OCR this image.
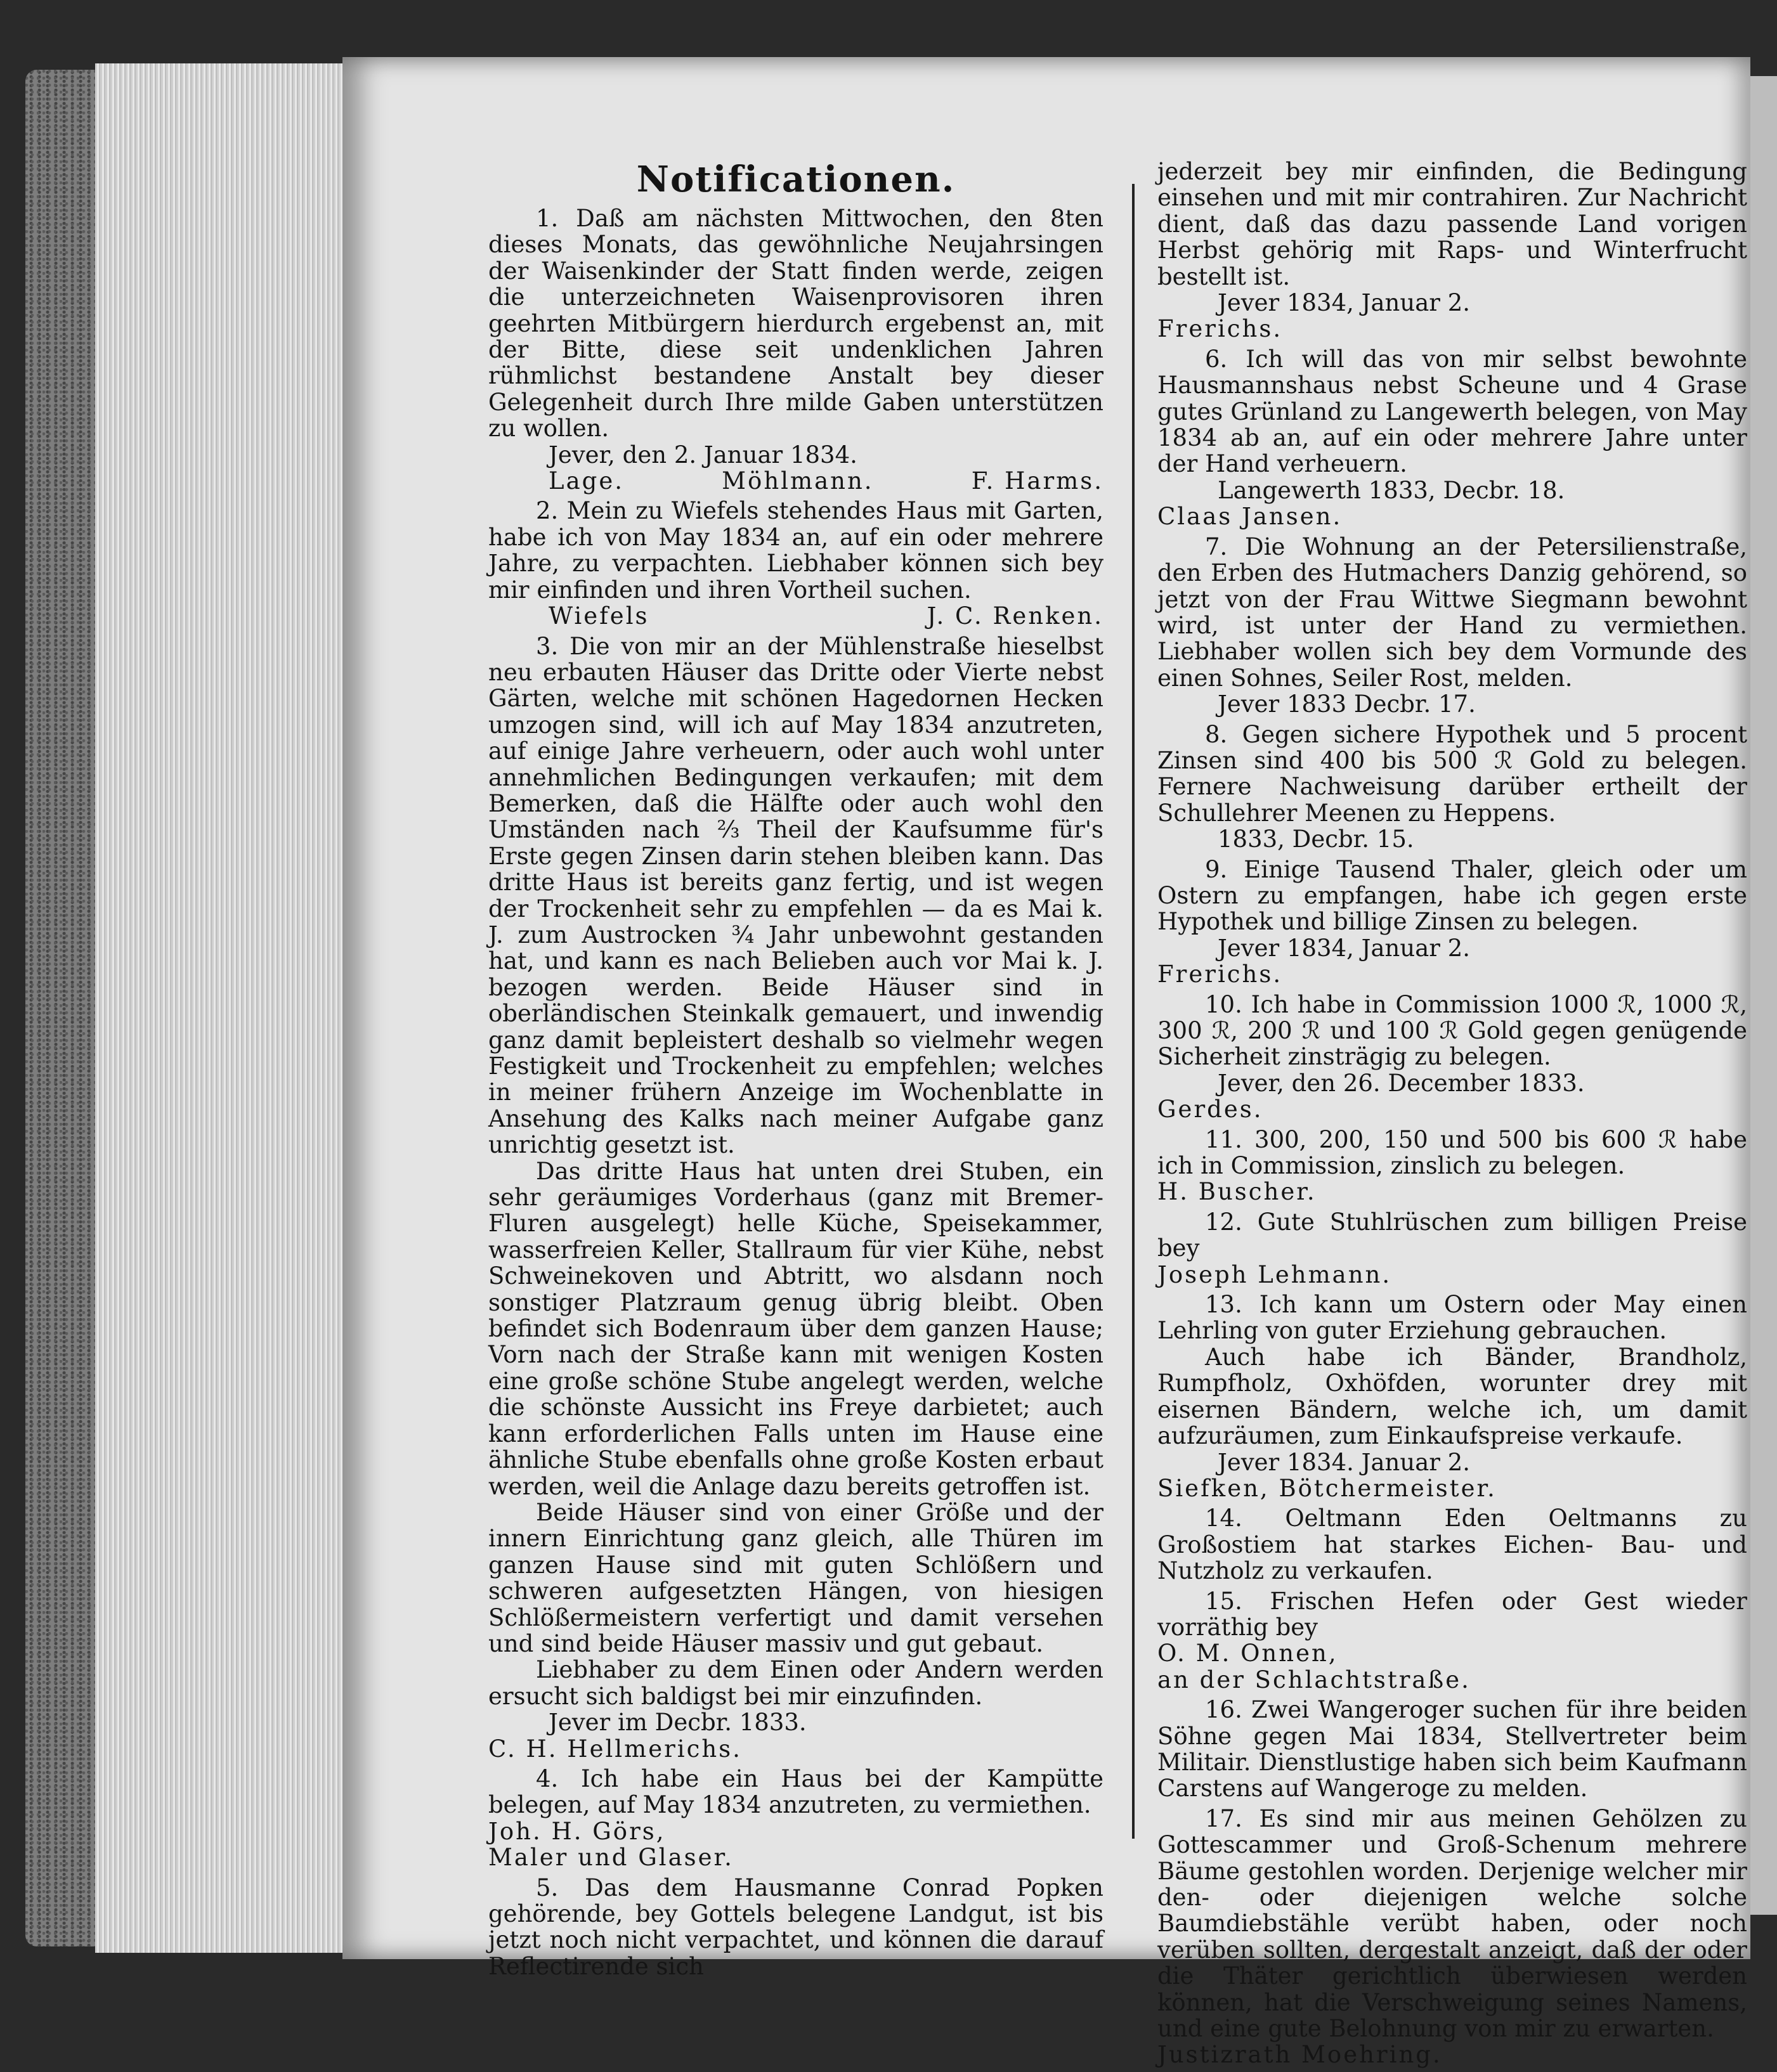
Notificationen.

1. Daß am nächsten Mittwochen, den 8ten dieses Monats, das gewöhnliche Neujahrsingen der Waisenkinder der Statt finden werde, zeigen die unterzeichneten Waisenprovisoren ihren geehrten Mitbürgern hierdurch ergebenst an, mit der Bitte, diese seit undenklichen Jahren rühmlichst bestandene Anstalt bey dieser Gelegenheit durch Ihre milde Gaben unterstützen zu wollen.

Jever, den 2. Januar 1834.

Lage.	Möhlmann.	F. Harms.

2. Mein zu Wiefels stehendes Haus mit Garten, habe ich von May 1834 an, auf ein oder mehrere Jahre, zu verpachten. Liebhaber können sich bey mir einfinden und ihren Vortheil suchen.

Wiefels	J. C. Renken.

3. Die von mir an der Mühlenstraße hieselbst neu erbauten Häuser das Dritte oder Vierte nebst Gärten, welche mit schönen Hagedornen Hecken umzogen sind, will ich auf May 1834 anzutreten, auf einige Jahre verheuern, oder auch wohl unter annehmlichen Bedingungen verkaufen; mit dem Bemerken, daß die Hälfte oder auch wohl den Umständen nach ⅔ Theil der Kaufsumme für's Erste gegen Zinsen darin stehen bleiben kann. Das dritte Haus ist bereits ganz fertig, und ist wegen der Trockenheit sehr zu empfehlen — da es Mai k. J. zum Austrocken ¾ Jahr unbewohnt gestanden hat, und kann es nach Belieben auch vor Mai k. J. bezogen werden. Beide Häuser sind in oberländischen Steinkalk gemauert, und inwendig ganz damit bepleistert deshalb so vielmehr wegen Festigkeit und Trockenheit zu empfehlen; welches in meiner frühern Anzeige im Wochenblatte in Ansehung des Kalks nach meiner Aufgabe ganz unrichtig gesetzt ist.

Das dritte Haus hat unten drei Stuben, ein sehr geräumiges Vorderhaus (ganz mit Bremer-Fluren ausgelegt) helle Küche, Speisekammer, wasserfreien Keller, Stallraum für vier Kühe, nebst Schweinekoven und Abtritt, wo alsdann noch sonstiger Platzraum genug übrig bleibt. Oben befindet sich Bodenraum über dem ganzen Hause; Vorn nach der Straße kann mit wenigen Kosten eine große schöne Stube angelegt werden, welche die schönste Aussicht ins Freye darbietet; auch kann erforderlichen Falls unten im Hause eine ähnliche Stube ebenfalls ohne große Kosten erbaut werden, weil die Anlage dazu bereits getroffen ist.

Beide Häuser sind von einer Größe und der innern Einrichtung ganz gleich, alle Thüren im ganzen Hause sind mit guten Schlößern und schweren aufgesetzten Hängen, von hiesigen Schlößermeistern verfertigt und damit versehen und sind beide Häuser massiv und gut gebaut.

Liebhaber zu dem Einen oder Andern werden ersucht sich baldigst bei mir einzufinden.

Jever im Decbr. 1833.

C. H. Hellmerichs.

4. Ich habe ein Haus bei der Kampütte belegen, auf May 1834 anzutreten, zu vermiethen.

Joh. H. Görs,

Maler und Glaser.

5. Das dem Hausmanne Conrad Popken gehörende, bey Gottels belegene Landgut, ist bis jetzt noch nicht verpachtet, und können die darauf Reflectirende sich

jederzeit bey mir einfinden, die Bedingung einsehen und mit mir contrahiren. Zur Nachricht dient, daß das dazu passende Land vorigen Herbst gehörig mit Raps- und Winterfrucht bestellt ist.

Jever 1834, Januar 2.

Frerichs.

6. Ich will das von mir selbst bewohnte Hausmannshaus nebst Scheune und 4 Grase gutes Grünland zu Langewerth belegen, von May 1834 ab an, auf ein oder mehrere Jahre unter der Hand verheuern.

Langewerth 1833, Decbr. 18.

Claas Jansen.

7. Die Wohnung an der Petersilienstraße, den Erben des Hutmachers Danzig gehörend, so jetzt von der Frau Wittwe Siegmann bewohnt wird, ist unter der Hand zu vermiethen. Liebhaber wollen sich bey dem Vormunde des einen Sohnes, Seiler Rost, melden.

Jever 1833 Decbr. 17.

8. Gegen sichere Hypothek und 5 procent Zinsen sind 400 bis 500 ℛ Gold zu belegen. Fernere Nachweisung darüber ertheilt der Schullehrer Meenen zu Heppens.

1833, Decbr. 15.

9. Einige Tausend Thaler, gleich oder um Ostern zu empfangen, habe ich gegen erste Hypothek und billige Zinsen zu belegen.

Jever 1834, Januar 2.

Frerichs.

10. Ich habe in Commission 1000 ℛ, 1000 ℛ, 300 ℛ, 200 ℛ und 100 ℛ Gold gegen genügende Sicherheit zinsträgig zu belegen.

Jever, den 26. December 1833.

Gerdes.

11. 300, 200, 150 und 500 bis 600 ℛ habe ich in Commission, zinslich zu belegen.

H. Buscher.

12. Gute Stuhlrüschen zum billigen Preise bey

Joseph Lehmann.

13. Ich kann um Ostern oder May einen Lehrling von guter Erziehung gebrauchen.

Auch habe ich Bänder, Brandholz, Rumpfholz, Oxhöfden, worunter drey mit eisernen Bändern, welche ich, um damit aufzuräumen, zum Einkaufspreise verkaufe.

Jever 1834. Januar 2.

Siefken, Bötchermeister.

14. Oeltmann Eden Oeltmanns zu Großostiem hat starkes Eichen- Bau- und Nutzholz zu verkaufen.

15. Frischen Hefen oder Gest wieder vorräthig bey

O. M. Onnen,

an der Schlachtstraße.

16. Zwei Wangeroger suchen für ihre beiden Söhne gegen Mai 1834, Stellvertreter beim Militair. Dienstlustige haben sich beim Kaufmann Carstens auf Wangeroge zu melden.

17. Es sind mir aus meinen Gehölzen zu Gottescammer und Groß-Schenum mehrere Bäume gestohlen worden. Derjenige welcher mir den- oder diejenigen welche solche Baumdiebstähle verübt haben, oder noch verüben sollten, dergestalt anzeigt, daß der oder die Thäter gerichtlich überwiesen werden können, hat die Verschweigung seines Namens, und eine gute Belohnung von mir zu erwarten.

Justizrath Moehring.
